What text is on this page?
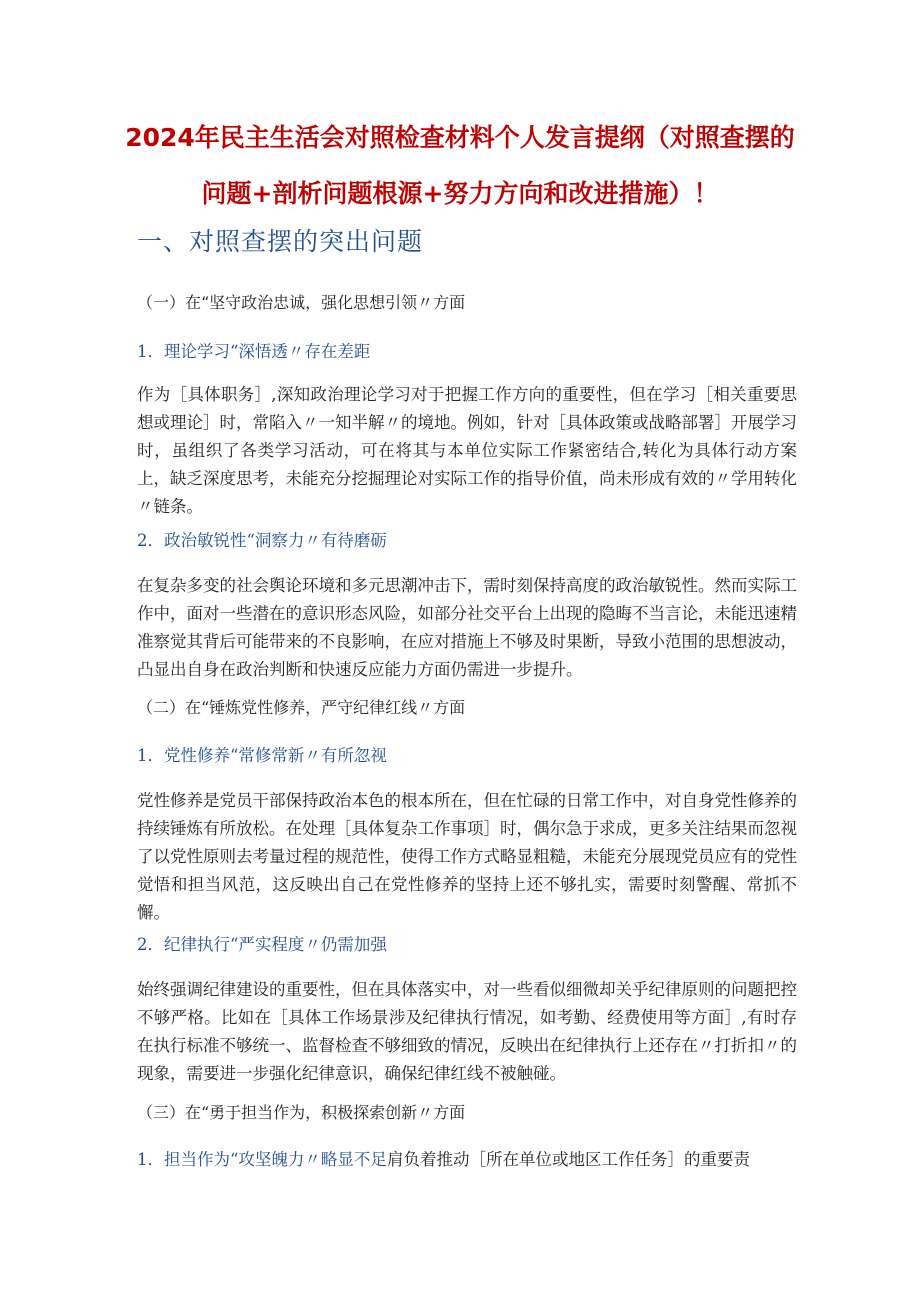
2024年民主生活会对照检查材料个人发言提纲（对照查摆的问题+剖析问题根源+努力方向和改进措施）！
一、对照查摆的突出问题

（一）在“坚守政治忠诚，强化思想引领〃方面

1．理论学习“深悟透〃存在差距

作为［具体职务］,深知政治理论学习对于把握工作方向的重要性，但在学习［相关重要思想或理论］时，常陷入〃一知半解〃的境地。例如，针对［具体政策或战略部署］开展学习时，虽组织了各类学习活动，可在将其与本单位实际工作紧密结合,转化为具体行动方案上，缺乏深度思考，未能充分挖掘理论对实际工作的指导价值，尚未形成有效的〃学用转化〃链条。

2．政治敏锐性“洞察力〃有待磨砺

在复杂多变的社会舆论环境和多元思潮冲击下，需时刻保持高度的政治敏锐性。然而实际工作中，面对一些潜在的意识形态风险，如部分社交平台上出现的隐晦不当言论，未能迅速精准察觉其背后可能带来的不良影响，在应对措施上不够及时果断，导致小范围的思想波动，凸显出自身在政治判断和快速反应能力方面仍需进一步提升。

（二）在“锤炼党性修养，严守纪律红线〃方面

1．党性修养“常修常新〃有所忽视

党性修养是党员干部保持政治本色的根本所在，但在忙碌的日常工作中，对自身党性修养的持续锤炼有所放松。在处理［具体复杂工作事项］时，偶尔急于求成，更多关注结果而忽视了以党性原则去考量过程的规范性，使得工作方式略显粗糙，未能充分展现党员应有的党性觉悟和担当风范，这反映出自己在党性修养的坚持上还不够扎实，需要时刻警醒、常抓不懈。

2．纪律执行“严实程度〃仍需加强

始终强调纪律建设的重要性，但在具体落实中，对一些看似细微却关乎纪律原则的问题把控不够严格。比如在［具体工作场景涉及纪律执行情况，如考勤、经费使用等方面］,有时存在执行标准不够统一、监督检查不够细致的情况，反映出在纪律执行上还存在〃打折扣〃的现象，需要进一步强化纪律意识，确保纪律红线不被触碰。

（三）在“勇于担当作为，积极探索创新〃方面

1．担当作为“攻坚魄力〃略显不足肩负着推动［所在单位或地区工作任务］的重要责
